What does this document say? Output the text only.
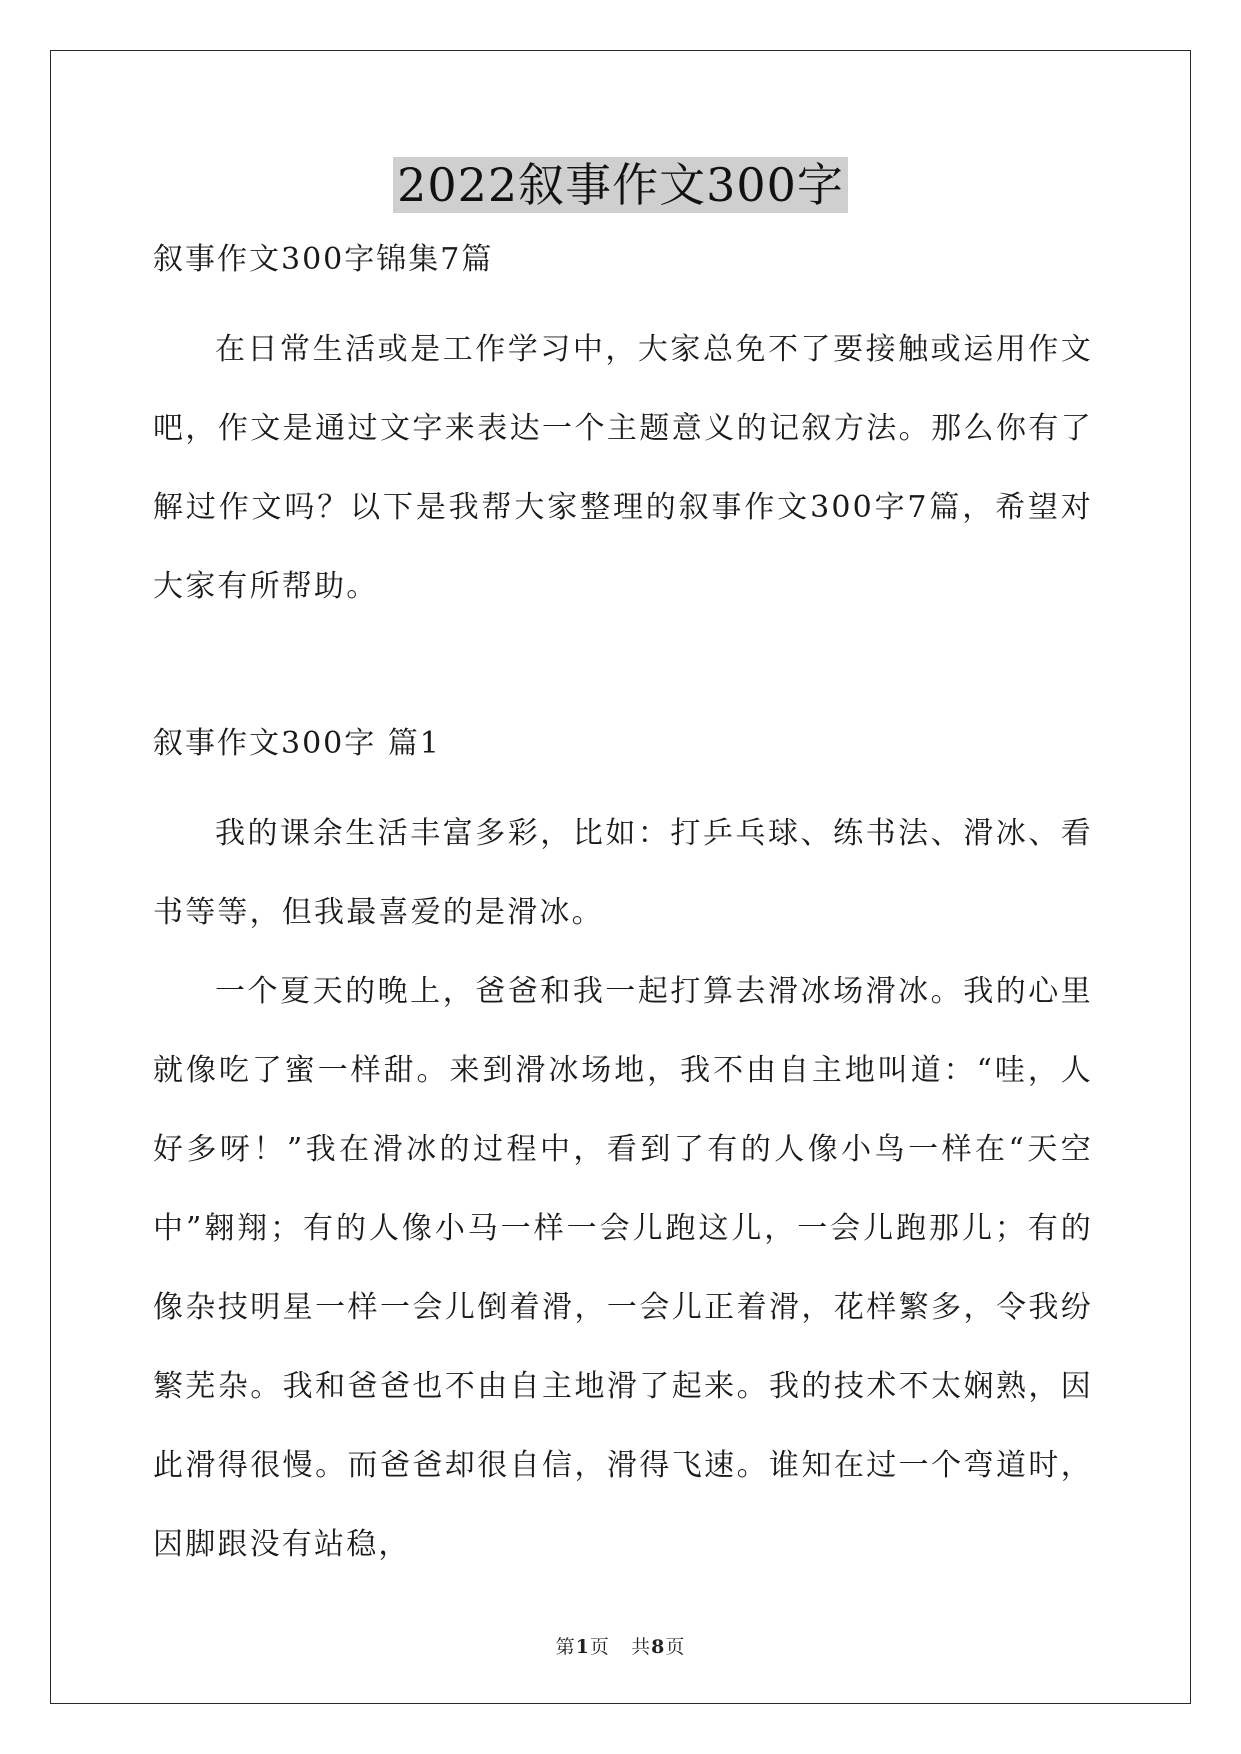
2022叙事作文300字

叙事作文300字锦集7篇

在日常生活或是工作学习中，大家总免不了要接触或运用作文吧，作文是通过文字来表达一个主题意义的记叙方法。那么你有了解过作文吗？以下是我帮大家整理的叙事作文300字7篇，希望对大家有所帮助。

叙事作文300字 篇1

我的课余生活丰富多彩，比如：打乒乓球、练书法、滑冰、看书等等，但我最喜爱的是滑冰。

一个夏天的晚上，爸爸和我一起打算去滑冰场滑冰。我的心里就像吃了蜜一样甜。来到滑冰场地，我不由自主地叫道：“哇，人好多呀！”我在滑冰的过程中，看到了有的人像小鸟一样在“天空中”翱翔；有的人像小马一样一会儿跑这儿，一会儿跑那儿；有的像杂技明星一样一会儿倒着滑，一会儿正着滑，花样繁多，令我纷繁芜杂。我和爸爸也不由自主地滑了起来。我的技术不太娴熟，因此滑得很慢。而爸爸却很自信，滑得飞速。谁知在过一个弯道时，因脚跟没有站稳，

第1页 共8页
